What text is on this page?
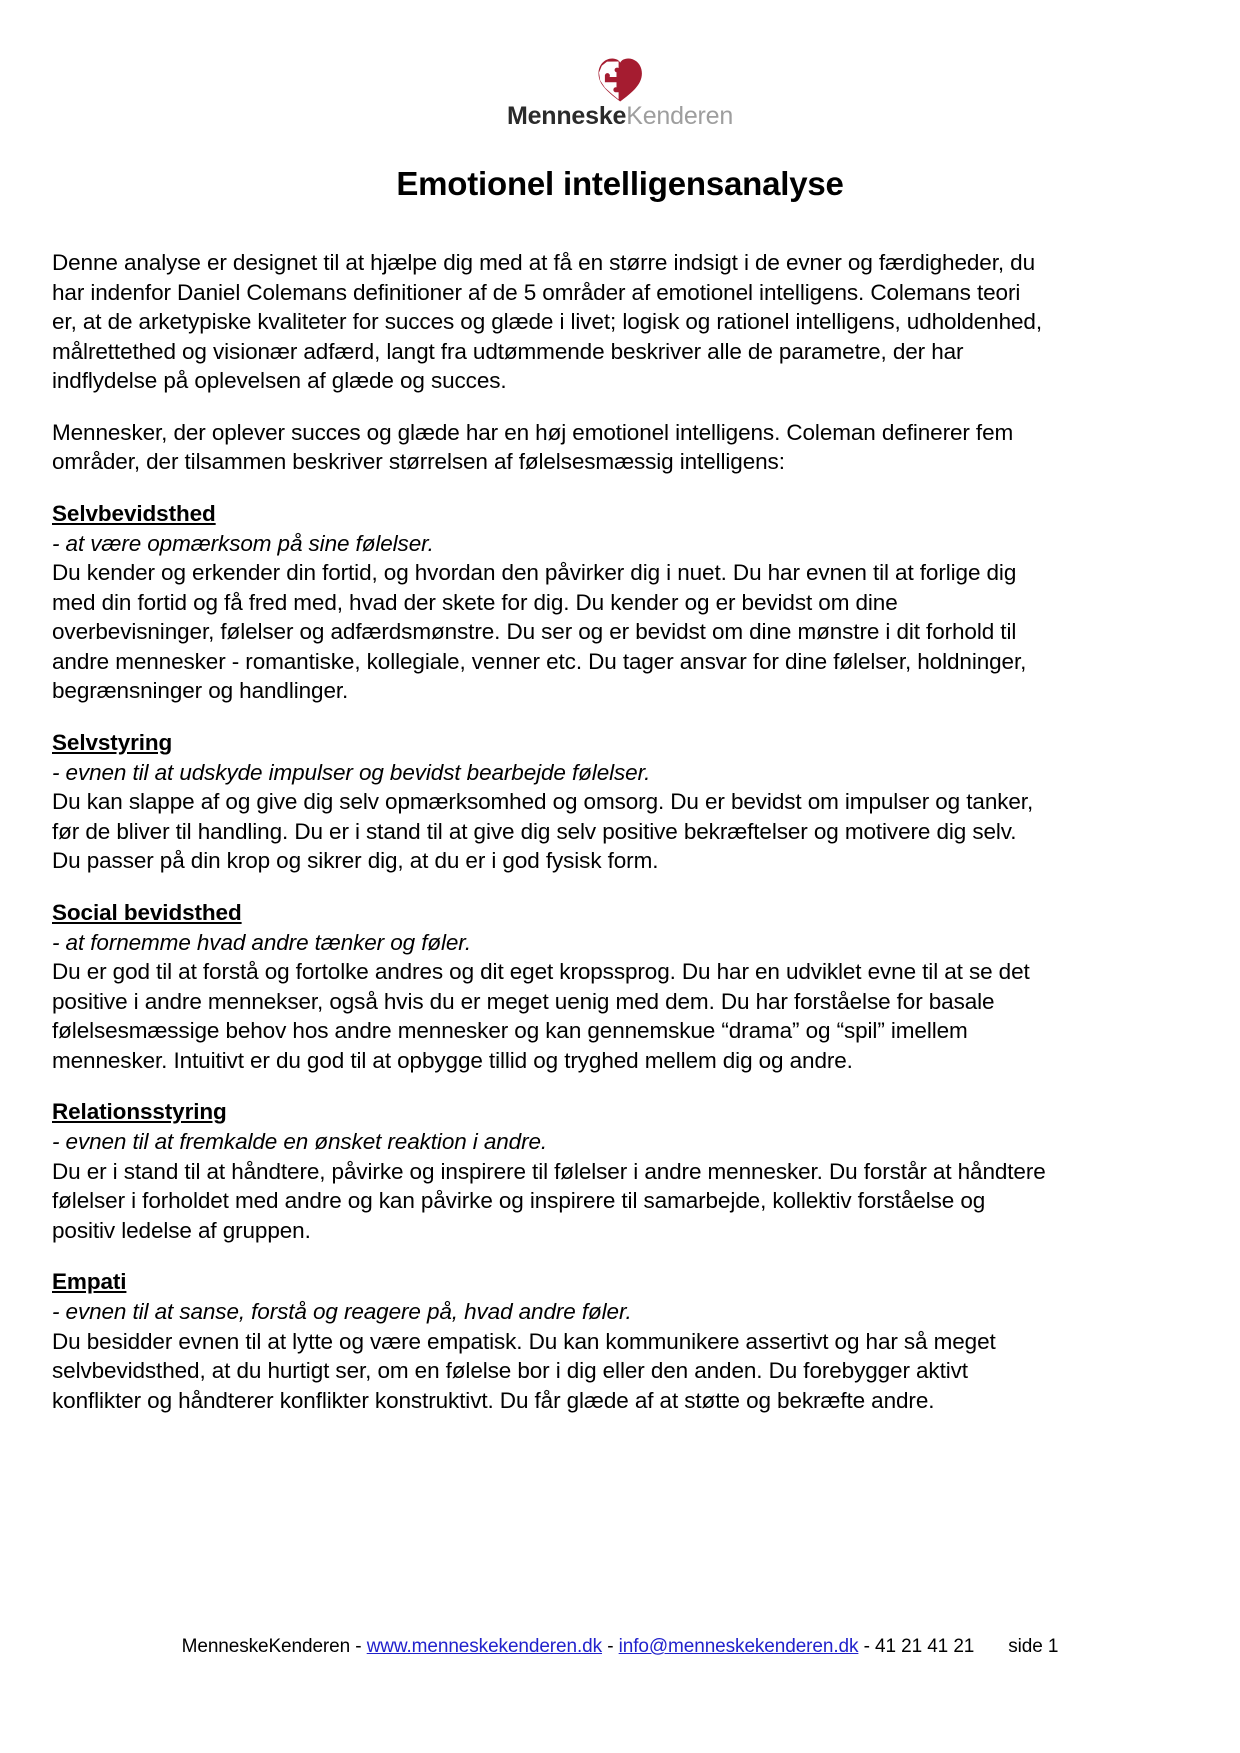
MenneskeKenderen
Emotionel intelligensanalyse

Denne analyse er designet til at hjælpe dig med at få en større indsigt i de evner og færdigheder, du har indenfor Daniel Colemans definitioner af de 5 områder af emotionel intelligens. Colemans teori er, at de arketypiske kvaliteter for succes og glæde i livet; logisk og rationel intelligens, udholdenhed, målrettethed og visionær adfærd, langt fra udtømmende beskriver alle de parametre, der har indflydelse på oplevelsen af glæde og succes.

Mennesker, der oplever succes og glæde har en høj emotionel intelligens. Coleman definerer fem områder, der tilsammen beskriver størrelsen af følelsesmæssig intelligens:

Selvbevidsthed
- at være opmærksom på sine følelser.
Du kender og erkender din fortid, og hvordan den påvirker dig i nuet. Du har evnen til at forlige dig med din fortid og få fred med, hvad der skete for dig. Du kender og er bevidst om dine overbevisninger, følelser og adfærdsmønstre. Du ser og er bevidst om dine mønstre i dit forhold til andre mennesker - romantiske, kollegiale, venner etc. Du tager ansvar for dine følelser, holdninger, begrænsninger og handlinger.
Selvstyring
- evnen til at udskyde impulser og bevidst bearbejde følelser.
Du kan slappe af og give dig selv opmærksomhed og omsorg. Du er bevidst om impulser og tanker, før de bliver til handling. Du er i stand til at give dig selv positive bekræftelser og motivere dig selv. Du passer på din krop og sikrer dig, at du er i god fysisk form.
Social bevidsthed
- at fornemme hvad andre tænker og føler.
Du er god til at forstå og fortolke andres og dit eget kropssprog. Du har en udviklet evne til at se det positive i andre mennekser, også hvis du er meget uenig med dem. Du har forståelse for basale følelsesmæssige behov hos andre mennesker og kan gennemskue “drama” og “spil” imellem mennesker. Intuitivt er du god til at opbygge tillid og tryghed mellem dig og andre.
Relationsstyring
- evnen til at fremkalde en ønsket reaktion i andre.
Du er i stand til at håndtere, påvirke og inspirere til følelser i andre mennesker. Du forstår at håndtere følelser i forholdet med andre og kan påvirke og inspirere til samarbejde, kollektiv forståelse og positiv ledelse af gruppen.
Empati
- evnen til at sanse, forstå og reagere på, hvad andre føler.
Du besidder evnen til at lytte og være empatisk. Du kan kommunikere assertivt og har så meget selvbevidsthed, at du hurtigt ser, om en følelse bor i dig eller den anden. Du forebygger aktivt konflikter og håndterer konflikter konstruktivt. Du får glæde af at støtte og bekræfte andre.
MenneskeKenderen - www.menneskekenderen.dk - info@menneskekenderen.dk - 41 21 41 21 side 1
